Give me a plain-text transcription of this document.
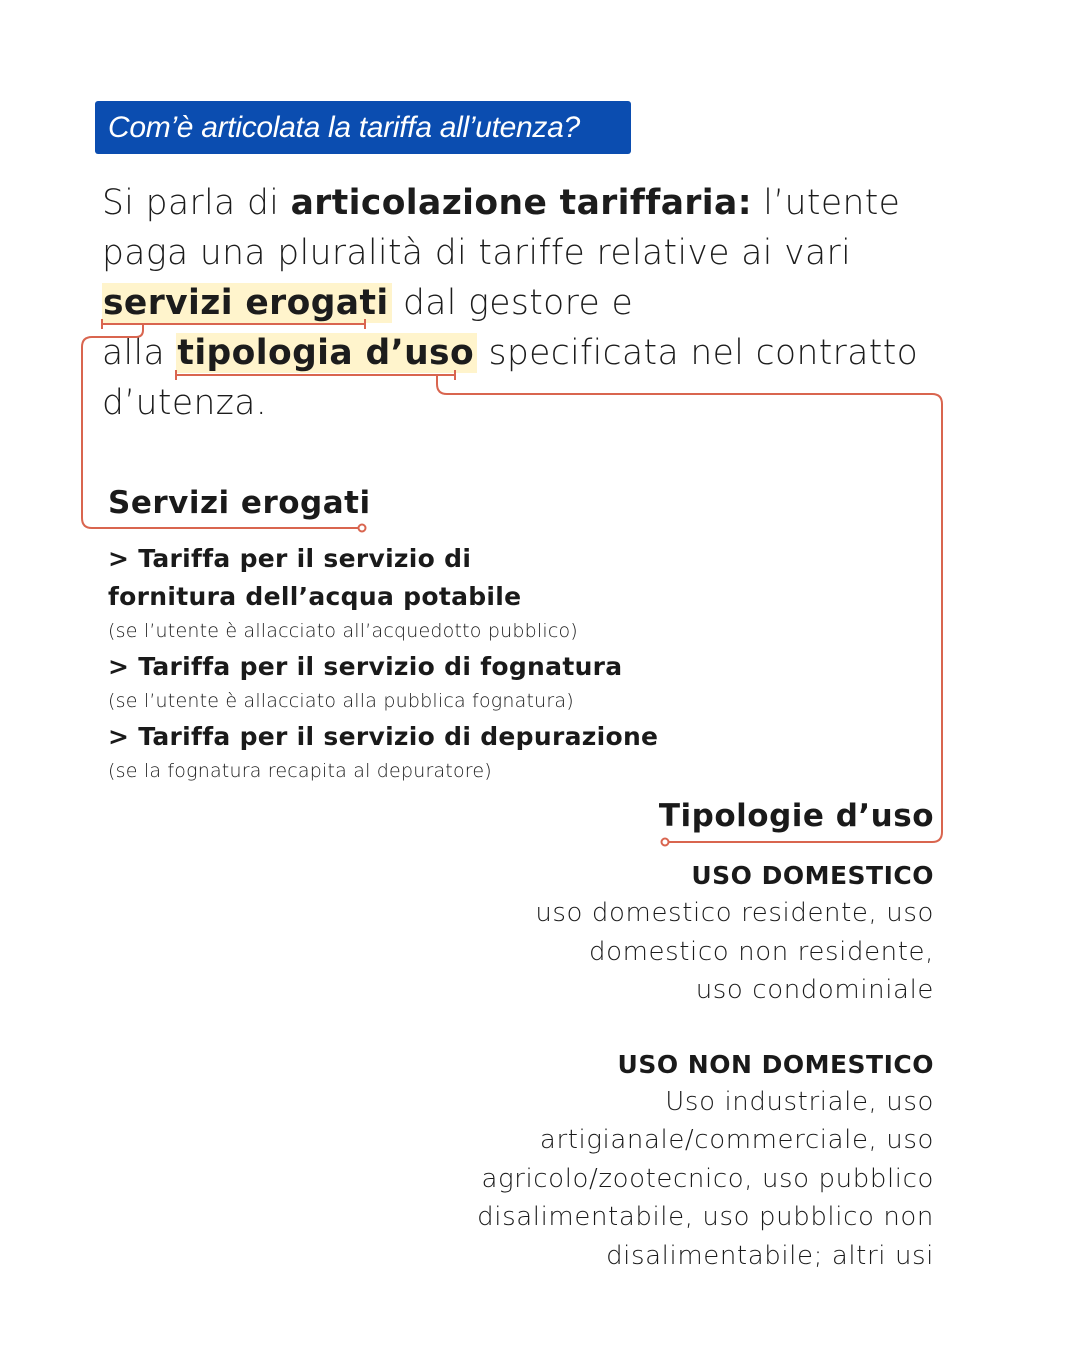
Com’è articolata la tariffa all’utenza?
Si parla di articolazione tariffaria: l’utente paga una pluralità di tariffe relative ai vari
servizi erogati dal gestore e
alla tipologia d’uso specificata nel contratto d’utenza.
Servizi erogati
> Tariffa per il servizio di fornitura dell’acqua potabile
(se l’utente è allacciato all’acquedotto pubblico)
> Tariffa per il servizio di fognatura
(se l’utente è allacciato alla pubblica fognatura)
> Tariffa per il servizio di depurazione
(se la fognatura recapita al depuratore)
Tipologie d’uso
USO DOMESTICO
uso domestico residente, uso domestico non residente, uso condominiale
USO NON DOMESTICO
Uso industriale, uso artigianale/commerciale, uso agricolo/zootecnico, uso pubblico disalimentabile, uso pubblico non disalimentabile; altri usi
